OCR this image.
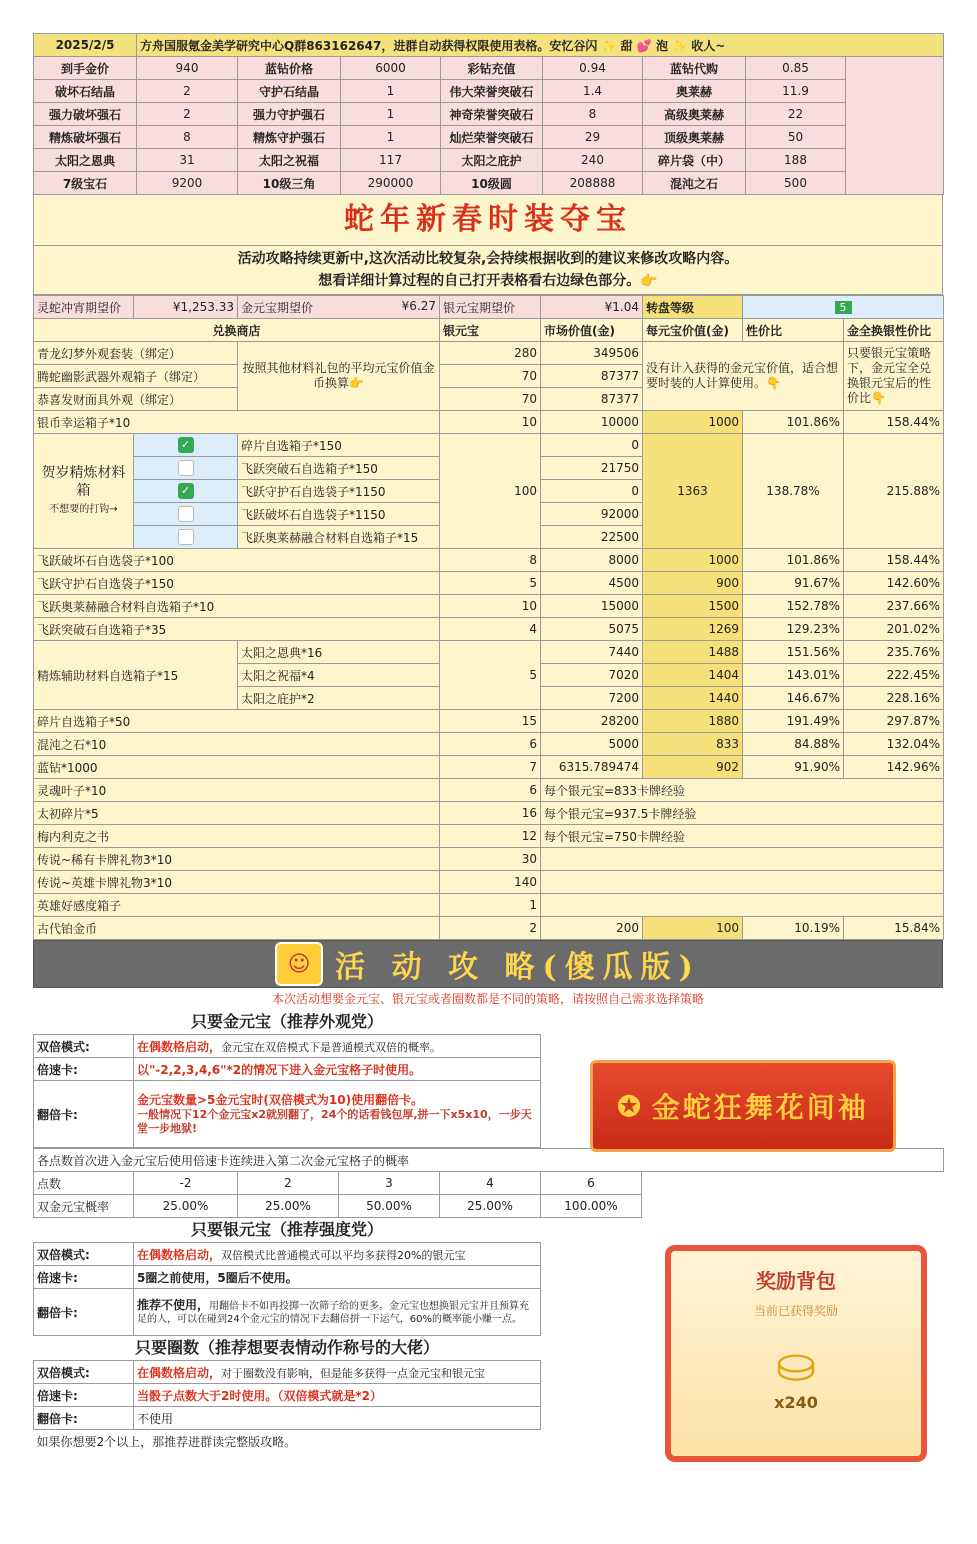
2025/2/5	方舟国服氪金美学研究中心Q群863162647，进群自动获得权限使用表格。安忆谷闪 ✨ 甜 💕 泡 ✨ 收人~							
到手金价	940	蓝钻价格	6000	彩钻充值	0.94	蓝钻代购	0.85	
破坏石结晶	2	守护石结晶	1	伟大荣誉突破石	1.4	奥莱赫	11.9	
强力破坏强石	2	强力守护强石	1	神奇荣誉突破石	8	高级奥莱赫	22	
精炼破坏强石	8	精炼守护强石	1	灿烂荣誉突破石	29	顶级奥莱赫	50	
太阳之恩典	31	太阳之祝福	117	太阳之庇护	240	碎片袋（中）	188	
7级宝石	9200	10级三角	290000	10级圆	208888	混沌之石	500	
蛇年新春时装夺宝
活动攻略持续更新中,这次活动比较复杂,会持续根据收到的建议来修改攻略内容。
想看详细计算过程的自己打开表格看右边绿色部分。👉
灵蛇冲宵期望价	¥1,253.33	金元宝期望价 ¥6.27	银元宝期望价	¥1.04	转盘等级	5	
兑换商店			银元宝	市场价值(金)	每元宝价值(金)	性价比	金全换银性价比
青龙幻梦外观套装（绑定）		按照其他材料礼包的平均元宝价值金币换算👉	280	349506	没有计入获得的金元宝价值，适合想要时装的人计算使用。👇		只要银元宝策略下，金元宝全兑换银元宝后的性价比👇
腾蛇幽影武器外观箱子（绑定）			70	87377			
恭喜发财面具外观（绑定）			70	87377			
银币幸运箱子*10			10	10000	1000	101.86%	158.44%

贺岁精炼材料箱
不想要的打钩→	✓	碎片自选箱子*150	100	0	1363	138.78%	215.88%
		飞跃突破石自选箱子*150		21750			
	✓	飞跃守护石自选袋子*1150		0			
		飞跃破坏石自选袋子*1150		92000			
		飞跃奥莱赫融合材料自选箱子*15		22500			
飞跃破坏石自选袋子*100			8	8000	1000	101.86%	158.44%
飞跃守护石自选袋子*150			5	4500	900	91.67%	142.60%
飞跃奥莱赫融合材料自选箱子*10			10	15000	1500	152.78%	237.66%
飞跃突破石自选箱子*35			4	5075	1269	129.23%	201.02%
精炼辅助材料自选箱子*15		太阳之恩典*16	5	7440	1488	151.56%	235.76%
		太阳之祝福*4		7020	1404	143.01%	222.45%
		太阳之庇护*2		7200	1440	146.67%	228.16%
碎片自选箱子*50			15	28200	1880	191.49%	297.87%
混沌之石*10			6	5000	833	84.88%	132.04%
蓝钻*1000			7	6315.789474	902	91.90%	142.96%
灵魂叶子*10			6	每个银元宝=833卡牌经验			
太初碎片*5			16	每个银元宝=937.5卡牌经验			
梅内利克之书			12	每个银元宝=750卡牌经验			
传说~稀有卡牌礼物3*10			30				
传说~英雄卡牌礼物3*10			140				
英雄好感度箱子			1				
古代铂金币			2	200	100	10.19%	15.84%
☺ 活 动 攻 略(傻瓜版)
本次活动想要金元宝、银元宝或者圈数都是不同的策略，请按照自己需求选择策略
只要金元宝（推荐外观党）	
双倍模式:	在偶数格启动，金元宝在双倍模式下是普通模式双倍的概率。
倍速卡:	以"-2,2,3,4,6"*2的情况下进入金元宝格子时使用。
翻倍卡:	金元宝数量>5金元宝时(双倍模式为10)使用翻倍卡。
一般情况下12个金元宝x2就别翻了，24个的话看钱包厚,拼一下x5x10，一步天堂一步地狱!
各点数首次进入金元宝后使用倍速卡连续进入第二次金元宝格子的概率						
点数	-2	2	3	4	6	
双金元宝概率	25.00%	25.00%	50.00%	25.00%	100.00%	
只要银元宝（推荐强度党）	
双倍模式:	在偶数格启动，双倍模式比普通模式可以平均多获得20%的银元宝
倍速卡:	5圈之前使用，5圈后不使用。
翻倍卡:	推荐不使用，用翻倍卡不如再投掷一次筛子给的更多。金元宝也想换银元宝并且预算充足的人，可以在碰到24个金元宝的情况下去翻倍拼一下运气，60%的概率能小赚一点。
只要圈数（推荐想要表情动作称号的大佬）	
双倍模式:	在偶数格启动，对于圈数没有影响，但是能多获得一点金元宝和银元宝
倍速卡:	当骰子点数大于2时使用。（双倍模式就是*2）
翻倍卡:	不使用
如果你想要2个以上，那推荐进群读完整版攻略。	
✪ 金蛇狂舞花间袖
奖励背包
当前已获得奖励
⛀
x240
